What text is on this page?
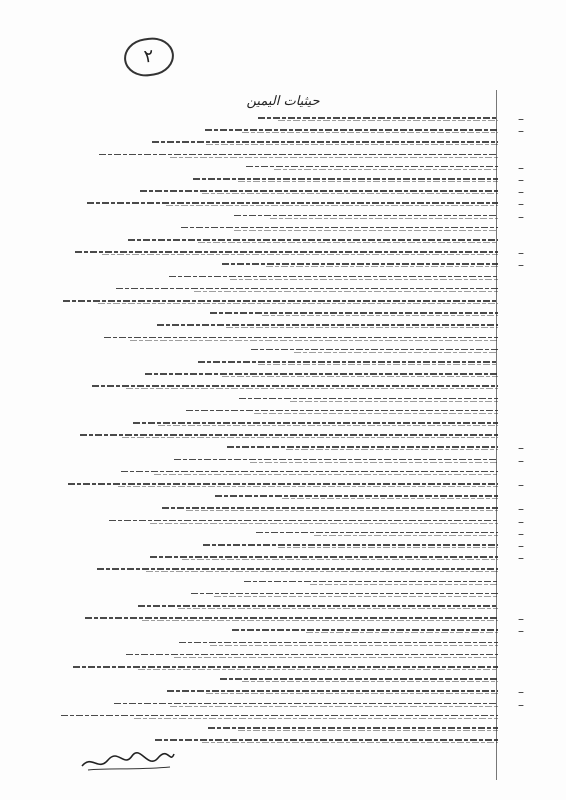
٢
حيثيات اليمين
–
–
–
–
–
–
–
–
–
–
–
–
–
–
–
–
–
–
–
–
–
